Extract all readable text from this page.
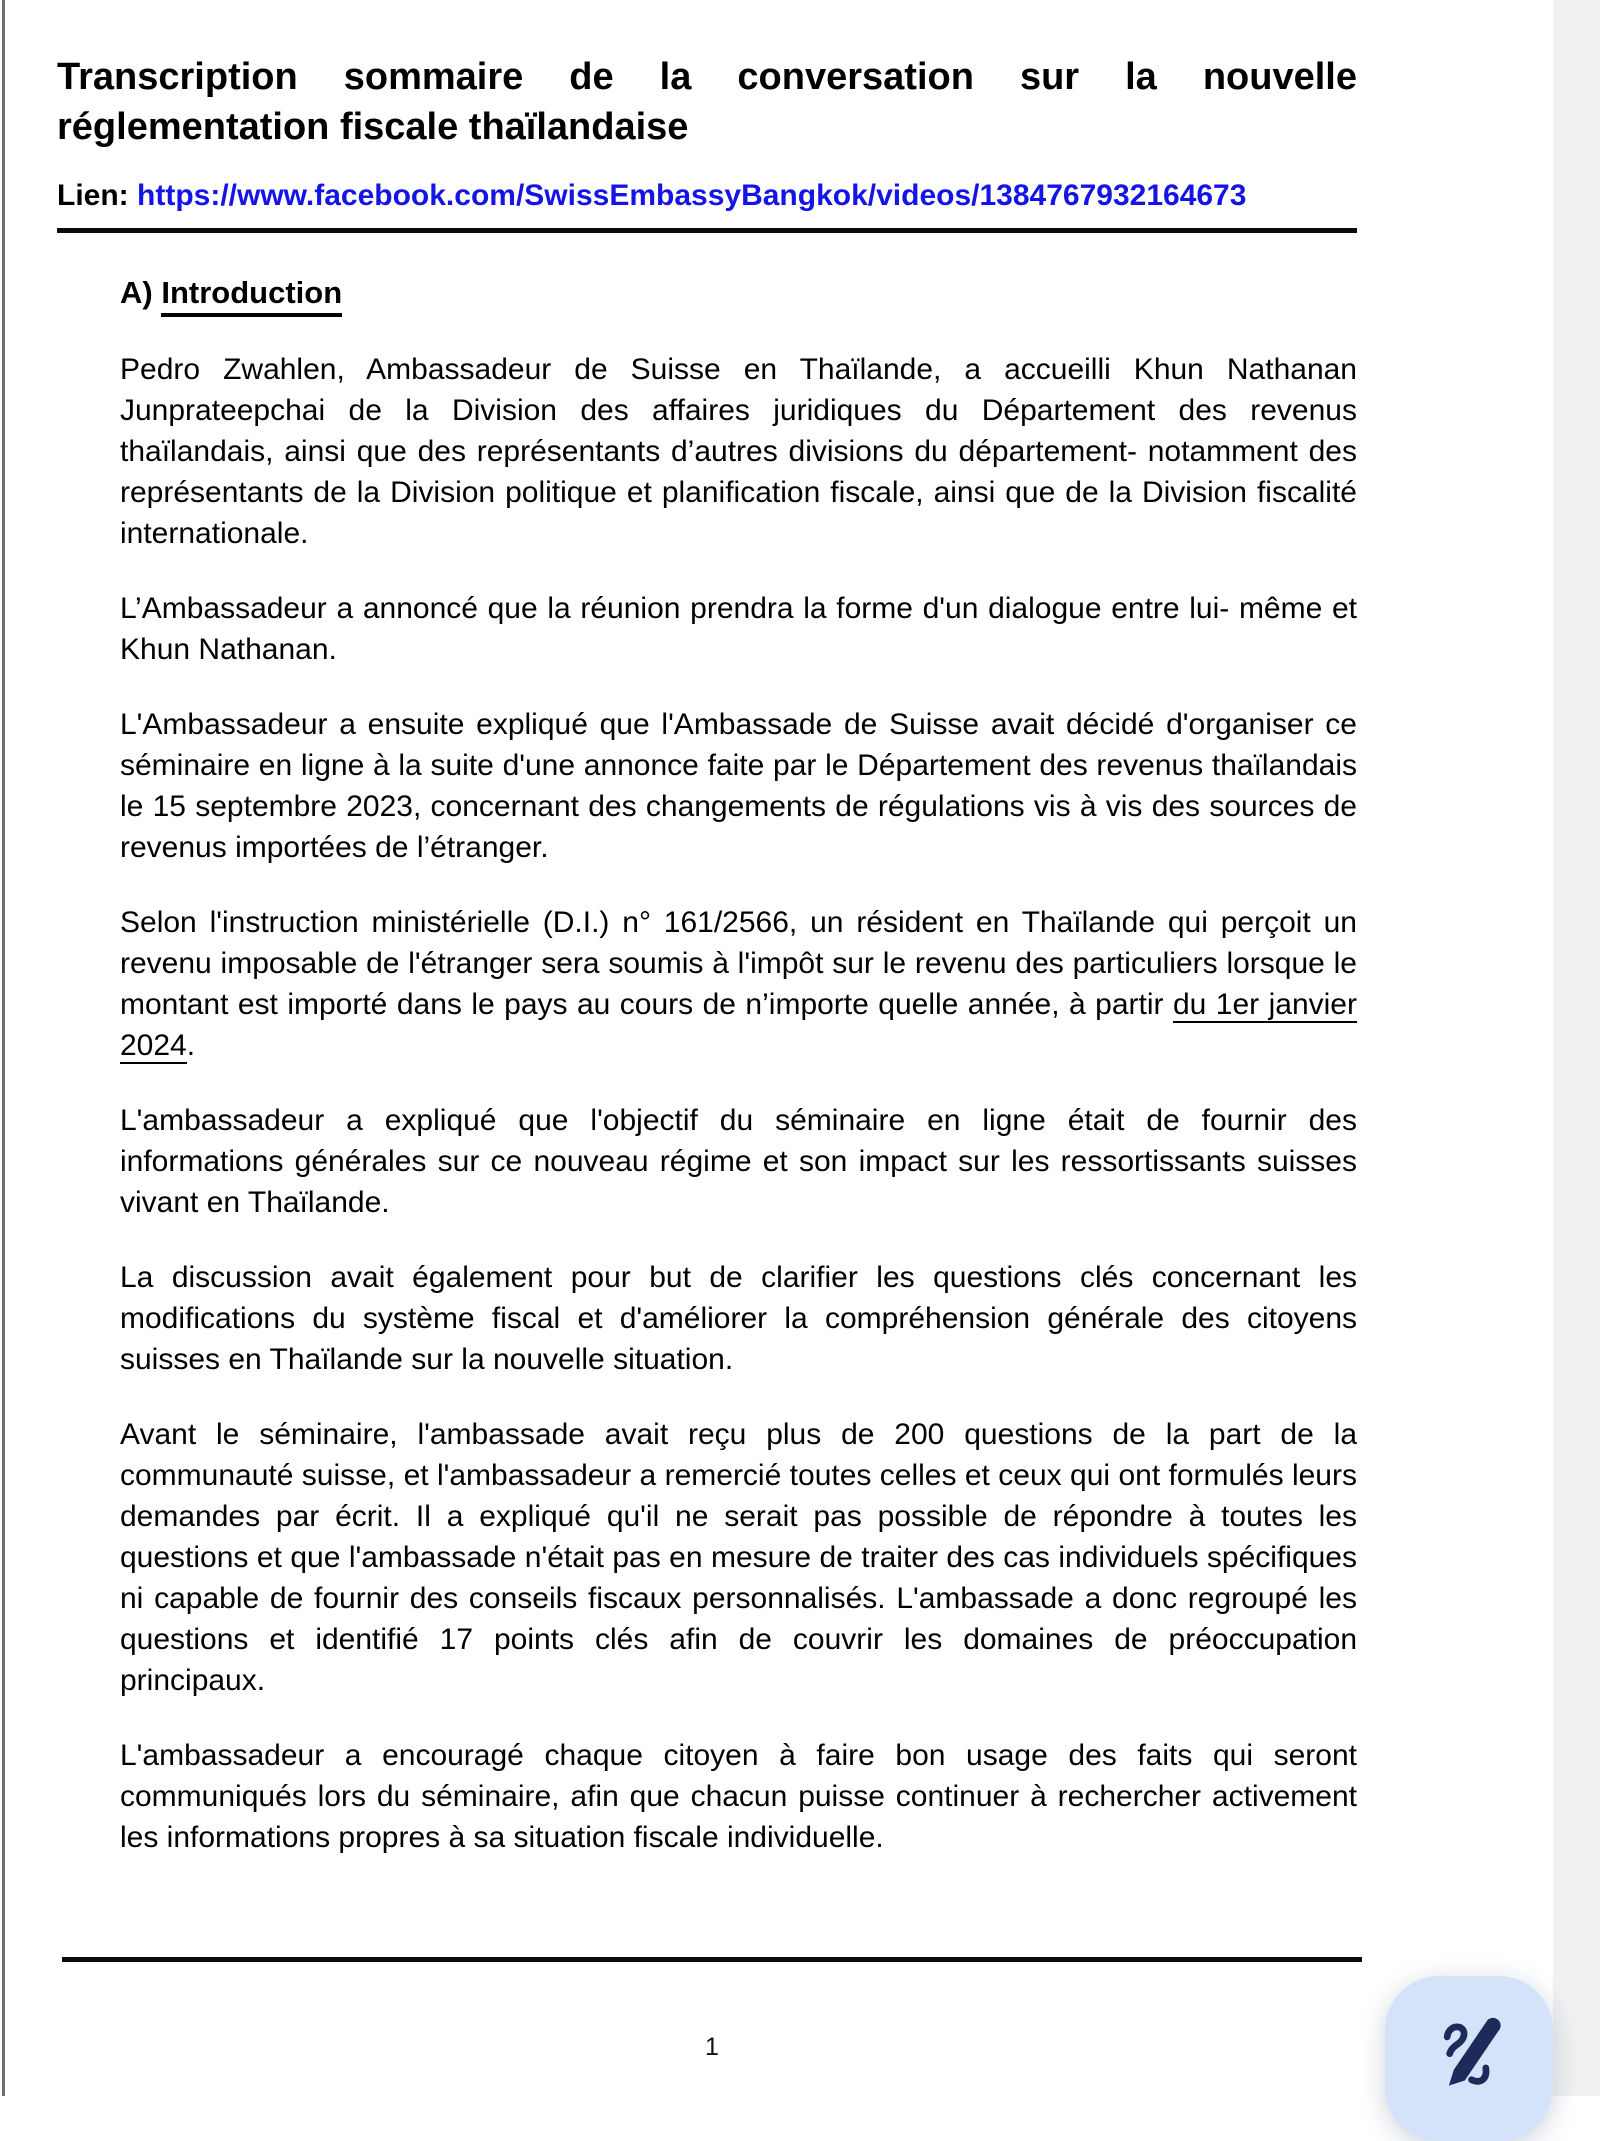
Transcription sommaire de la conversation sur la nouvelle réglementation fiscale thaïlandaise
Lien: https://www.facebook.com/SwissEmbassyBangkok/videos/1384767932164673
A) Introduction

Pedro Zwahlen, Ambassadeur de Suisse en Thaïlande, a accueilli Khun Nathanan Junprateepchai de la Division des affaires juridiques du Département des revenus thaïlandais, ainsi que des représentants d’autres divisions du département- notamment des représentants de la Division politique et planification fiscale, ainsi que de la Division fiscalité internationale.

L’Ambassadeur a annoncé que la réunion prendra la forme d'un dialogue entre lui- même et Khun Nathanan.

L'Ambassadeur a ensuite expliqué que l'Ambassade de Suisse avait décidé d'organiser ce séminaire en ligne à la suite d'une annonce faite par le Département des revenus thaïlandais le 15 septembre 2023, concernant des changements de régulations vis à vis des sources de revenus importées de l’étranger.

Selon l'instruction ministérielle (D.I.) n° 161/2566, un résident en Thaïlande qui perçoit un revenu imposable de l'étranger sera soumis à l'impôt sur le revenu des particuliers lorsque le montant est importé dans le pays au cours de n’importe quelle année, à partir du 1er janvier 2024.

L'ambassadeur a expliqué que l'objectif du séminaire en ligne était de fournir des informations générales sur ce nouveau régime et son impact sur les ressortissants suisses vivant en Thaïlande.

La discussion avait également pour but de clarifier les questions clés concernant les modifications du système fiscal et d'améliorer la compréhension générale des citoyens suisses en Thaïlande sur la nouvelle situation.

Avant le séminaire, l'ambassade avait reçu plus de 200 questions de la part de la communauté suisse, et l'ambassadeur a remercié toutes celles et ceux qui ont formulés leurs demandes par écrit. Il a expliqué qu'il ne serait pas possible de répondre à toutes les questions et que l'ambassade n'était pas en mesure de traiter des cas individuels spécifiques ni capable de fournir des conseils fiscaux personnalisés. L'ambassade a donc regroupé les questions et identifié 17 points clés afin de couvrir les domaines de préoccupation principaux.

L'ambassadeur a encouragé chaque citoyen à faire bon usage des faits qui seront communiqués lors du séminaire, afin que chacun puisse continuer à rechercher activement les informations propres à sa situation fiscale individuelle.

1
